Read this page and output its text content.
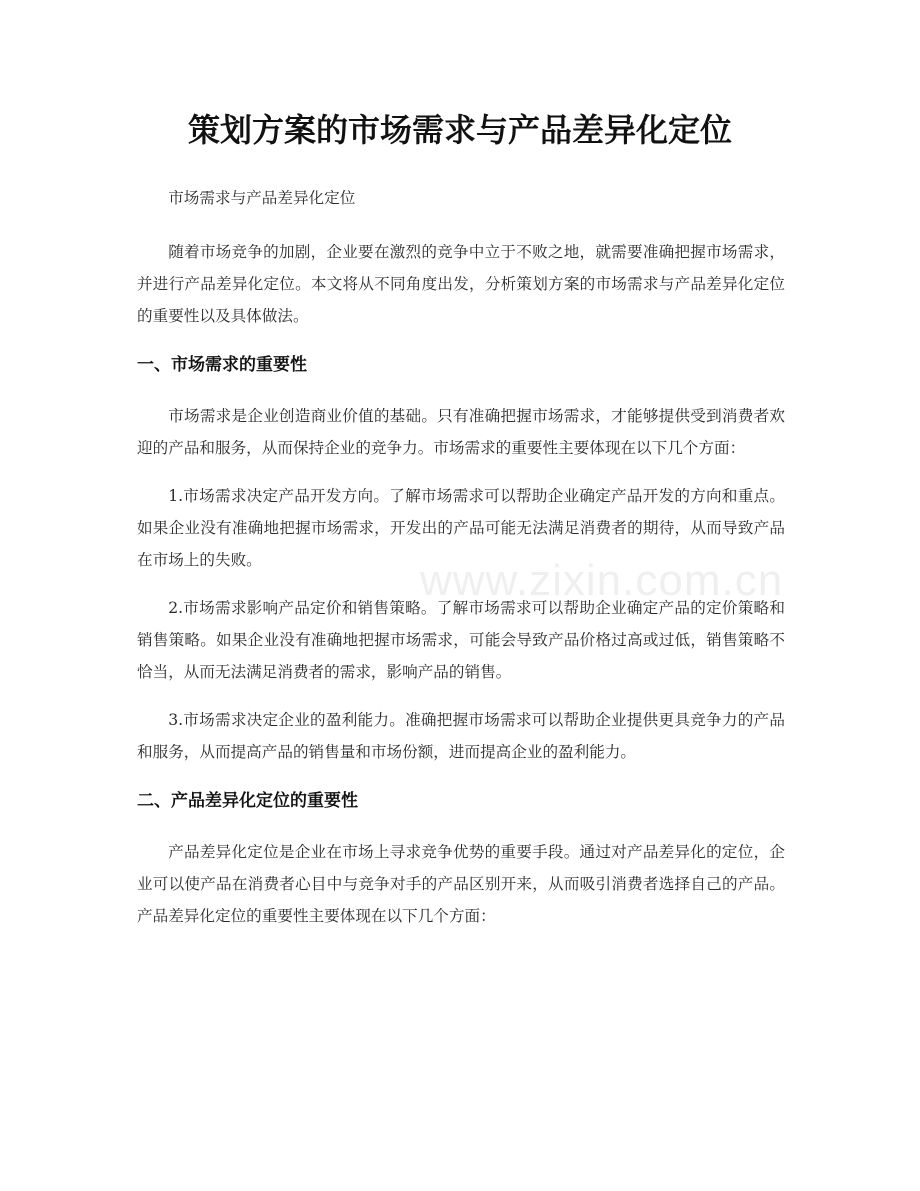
策划方案的市场需求与产品差异化定位

市场需求与产品差异化定位

随着市场竞争的加剧，企业要在激烈的竞争中立于不败之地，就需要准确把握市场需求，并进行产品差异化定位。本文将从不同角度出发，分析策划方案的市场需求与产品差异化定位的重要性以及具体做法。

一、市场需求的重要性

市场需求是企业创造商业价值的基础。只有准确把握市场需求，才能够提供受到消费者欢迎的产品和服务，从而保持企业的竞争力。市场需求的重要性主要体现在以下几个方面：

1.市场需求决定产品开发方向。了解市场需求可以帮助企业确定产品开发的方向和重点。如果企业没有准确地把握市场需求，开发出的产品可能无法满足消费者的期待，从而导致产品在市场上的失败。

2.市场需求影响产品定价和销售策略。了解市场需求可以帮助企业确定产品的定价策略和销售策略。如果企业没有准确地把握市场需求，可能会导致产品价格过高或过低，销售策略不恰当，从而无法满足消费者的需求，影响产品的销售。

3.市场需求决定企业的盈利能力。准确把握市场需求可以帮助企业提供更具竞争力的产品和服务，从而提高产品的销售量和市场份额，进而提高企业的盈利能力。

二、产品差异化定位的重要性

产品差异化定位是企业在市场上寻求竞争优势的重要手段。通过对产品差异化的定位，企业可以使产品在消费者心目中与竞争对手的产品区别开来，从而吸引消费者选择自己的产品。产品差异化定位的重要性主要体现在以下几个方面：

www.zixin.com.cn
